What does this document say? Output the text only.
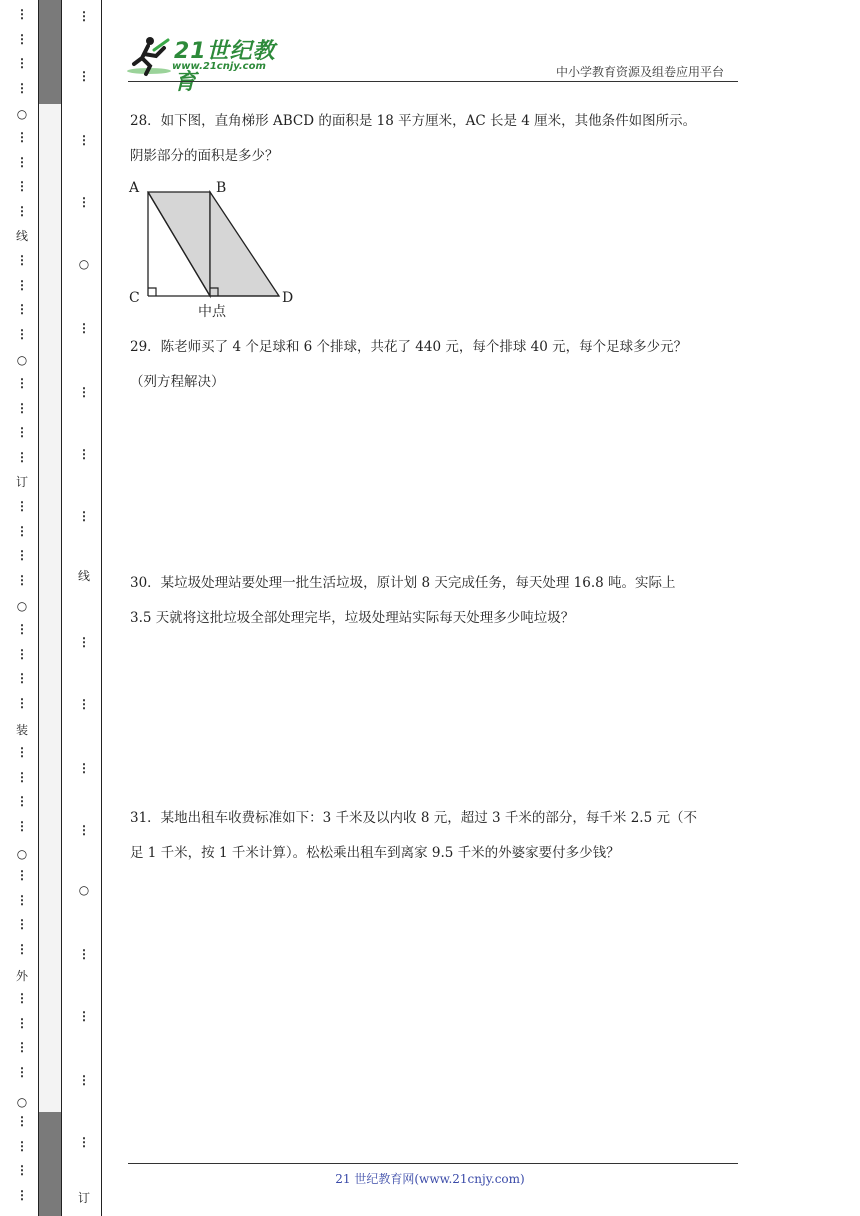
线
订
装
外
⋮
⋮
⋮
⋮
⋮
⋮
⋮
⋮
⋮
⋮
⋮
⋮
⋮
⋮
⋮
⋮
⋮
⋮
⋮
⋮
⋮
⋮
⋮
⋮
⋮
⋮
⋮
⋮
⋮
⋮
⋮
⋮
⋮
⋮
⋮
⋮
⋮
⋮
⋮
⋮
○
○
○
○
○
线
订
⋮
⋮
⋮
⋮
⋮
⋮
⋮
⋮
⋮
⋮
⋮
⋮
⋮
⋮
⋮
⋮
○
○
21世纪教育
www.21cnjy.com	中小学教育资源及组卷应用平台
28．如下图，直角梯形 ABCD 的面积是 18 平方厘米，AC 长是 4 厘米，其他条件如图所示。
阴影部分的面积是多少？
A	B
C	D
中点
29．陈老师买了 4 个足球和 6 个排球，共花了 440 元，每个排球 40 元，每个足球多少元？
（列方程解决）
30．某垃圾处理站要处理一批生活垃圾，原计划 8 天完成任务，每天处理 16.8 吨。实际上
3.5 天就将这批垃圾全部处理完毕，垃圾处理站实际每天处理多少吨垃圾？
31．某地出租车收费标准如下：3 千米及以内收 8 元，超过 3 千米的部分，每千米 2.5 元（不
足 1 千米，按 1 千米计算）。松松乘出租车到离家 9.5 千米的外婆家要付多少钱？
21 世纪教育网(www.21cnjy.com)
